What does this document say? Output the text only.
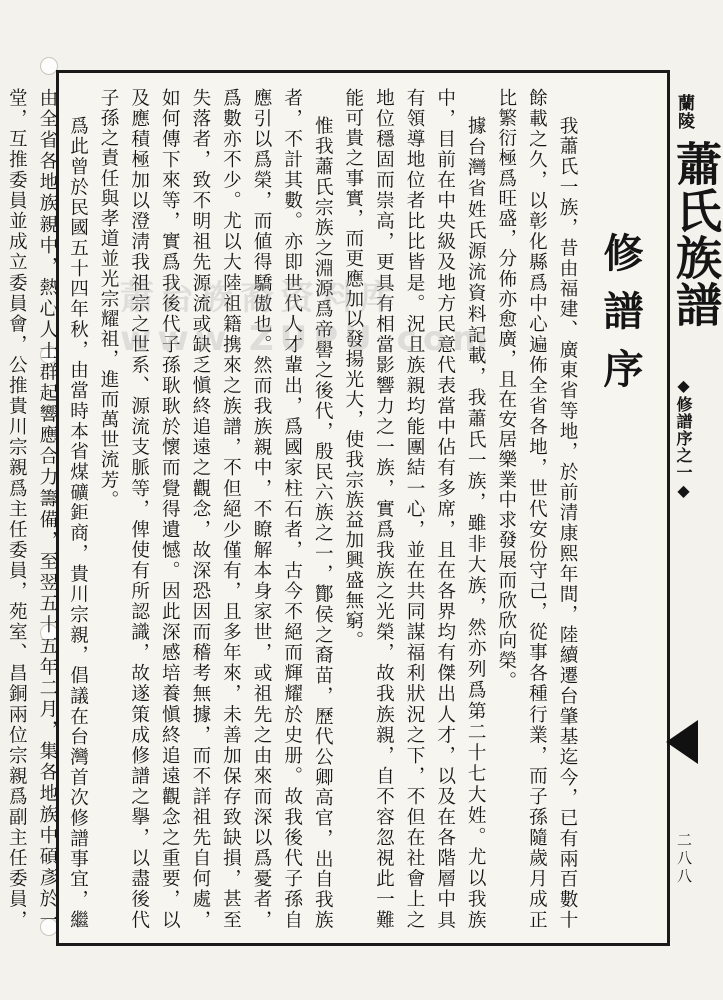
蘭陵
蕭氏族譜
◆修譜序之一◆
二八八
修譜序

我蕭氏一族，昔由福建、廣東省等地，於前清康熙年間，陸續遷台肇基迄今，已有兩百數十餘載之久，以彰化縣爲中心遍佈全省各地，世代安份守己，從事各種行業，而子孫隨歲月成正比繁衍極爲旺盛，分佈亦愈廣，且在安居樂業中求發展而欣欣向榮。

據台灣省姓氏源流資料記載，我蕭氏一族，雖非大族，然亦列爲第二十七大姓。尤以我族中，目前在中央級及地方民意代表當中佔有多席，且在各界均有傑出人才，以及在各階層中具有領導地位者比比皆是。況且族親均能團結一心，並在共同謀福利狀況之下，不但在社會上之地位穩固而崇高，更具有相當影響力之一族，實爲我族之光榮，故我族親，自不容忽視此一難能可貴之事實，而更應加以發揚光大，使我宗族益加興盛無窮。

惟我蕭氏宗族之淵源爲帝嚳之後代，殷民六族之一，酇侯之裔苗，歷代公卿高官，出自我族者，不計其數。亦即世代人才輩出，爲國家柱石者，古今不絕而輝耀於史册。故我後代子孫自應引以爲榮，而値得驕傲也。然而我族親中，不瞭解本身家世，或祖先之由來而深以爲憂者，爲數亦不少。尤以大陸祖籍携來之族譜，不但絕少僅有，且多年來，未善加保存致缺損，甚至失落者，致不明祖先源流或缺乏愼終追遠之觀念，故深恐因而稽考無據，而不詳祖先自何處，如何傳下來等，實爲我後代子孫耿耿於懷而覺得遺憾。因此深感培養愼終追遠觀念之重要，以及應積極加以澄淸我祖宗之世系、源流支脈等，俾使有所認識，故遂策成修譜之擧，以盡後代子孫之責任與孝道並光宗耀祖，進而萬世流芳。

爲此曾於民國五十四年秋，由當時本省煤礦鉅商，貴川宗親，倡議在台灣首次修譜事宜，繼由全省各地族親中，熱心人士群起響應合力籌備，至翌五十五年二月，集各地族中碩彥於一堂，互推委員並成立委員會，公推貴川宗親爲主任委員，苑室、昌銅兩位宗親爲副主任委員，

蕭台族裔资料库 www.ZUPU.com
